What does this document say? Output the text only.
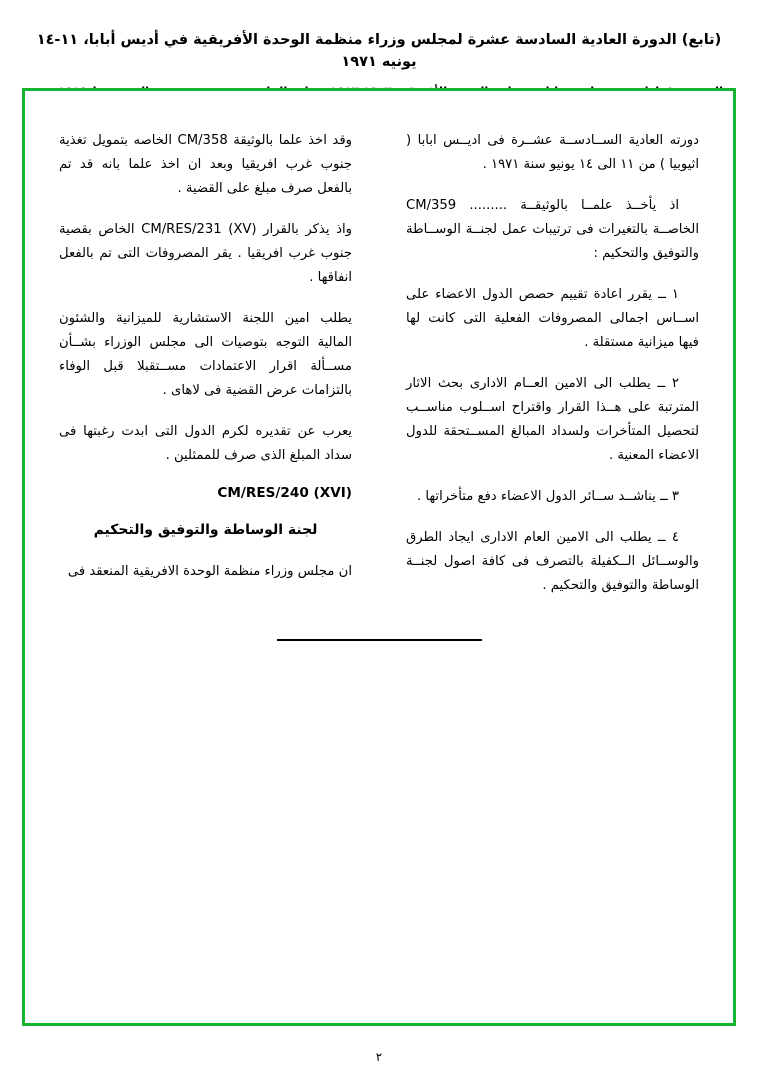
(تابع) الدورة العادية السادسة عشرة لمجلس وزراء منظمة الوحدة الأفريقية في أديس أبابا، ١١-١٤ يونيه ١٩٧١

دورته العادية الســادســة عشــرة فى اديــس ابابا ( اثيوبيا ) من ١١ الى ١٤ يونيو سنة ١٩٧١ .

اذ يأخــذ علمــا بالوثيقــة ......... CM/359 الخاصــة بالتغيرات فى ترتيبات عمل لجنــة الوســاطة والتوفيق والتحكيم :

١ ــ يقرر اعادة تقييم حصص الدول الاعضاء على اســاس اجمالى المصروفات الفعلية التى كانت لها فيها ميزانية مستقلة .

٢ ــ يطلب الى الامين العــام الادارى بحث الاثار المترتبة على هــذا القرار واقتراح اســلوب مناســب لتحصيل المتأخرات ولسداد المبالغ المســتحقة للدول الاعضاء المعنية .

٣ ــ يناشــد ســائر الدول الاعضاء دفع متأخراتها .

٤ ــ يطلب الى الامين العام الادارى ايجاد الطرق والوســائل الــكفيلة بالتصرف فى كافة اصول لجنــة الوساطة والتوفيق والتحكيم .

وقد اخذ علما بالوثيقة CM/358 الخاصه بتمويل تغذية جنوب غرب افريقيا وبعد ان اخذ علما بانه قد تم بالفعل صرف مبلغ على القضية .

واذ يذكر بالقرار (XV) CM/RES/231 الخاص بقصية جنوب غرب افريقيا . يقر المصروفات التى تم بالفعل انفاقها .

يطلب امين اللجنة الاستشارية للميزانية والشئون المالية التوجه بتوصيات الى مجلس الوزراء بشــأن مســألة اقرار الاعتمادات مســتقبلا قبل الوفاء بالتزامات عرض القضية فى لاهاى .

يعرب عن تقديره لكرم الدول التى ابدت رغبتها فى سداد المبلغ الذى صرف للممثلين .

CM/RES/240 (XVI)

لجنة الوساطة والتوفيق والتحكيم

ان مجلس وزراء منظمة الوحدة الافريقية المنعقد فى

٢
